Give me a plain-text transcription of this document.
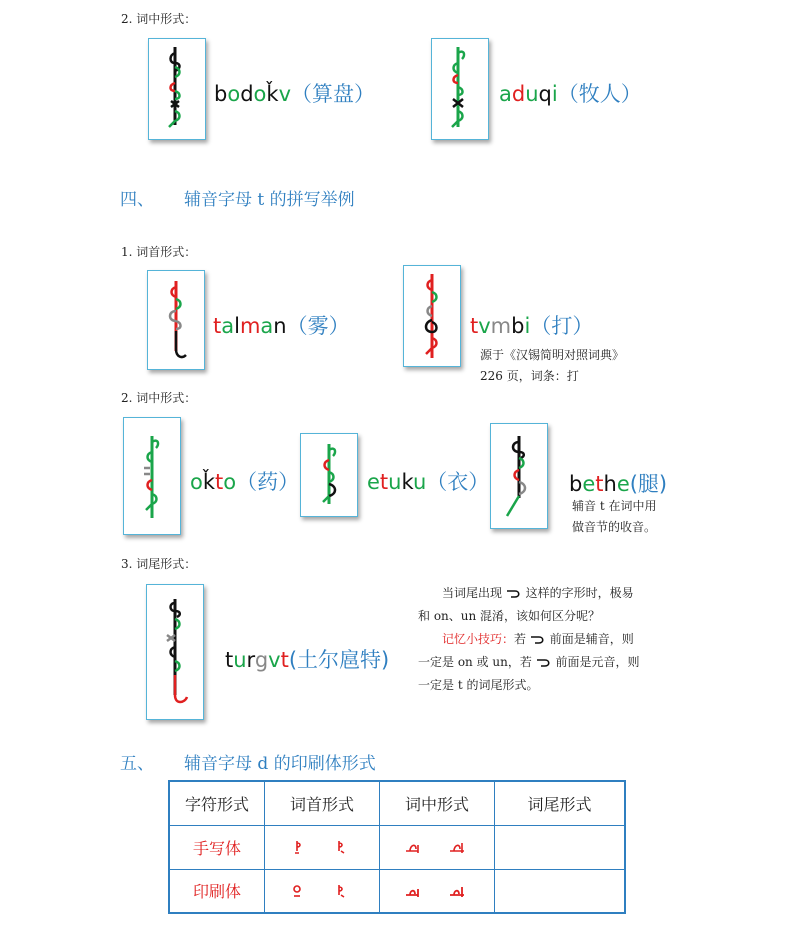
2. 词中形式：
bodoǩv（算盘）	aduqi（牧人）
四、 辅音字母 t 的拼写举例
1. 词首形式：
talman（雾）	tvmbi（打）
源于《汉锡简明对照词典》
226 页，词条：打
2. 词中形式：
oǩto（药）	etuku（衣）	bethe(腿)
辅音 t 在词中用
做音节的收音。
3. 词尾形式：
turgvt(土尔扈特)
当词尾出现 这样的字形时，极易
和 on、un 混淆，该如何区分呢？
记忆小技巧：若 前面是辅音，则
一定是 on 或 un，若 前面是元音，则
一定是 t 的词尾形式。
五、 辅音字母 d 的印刷体形式
字符形式	词首形式	词中形式	词尾形式
手写体	

印刷体	
